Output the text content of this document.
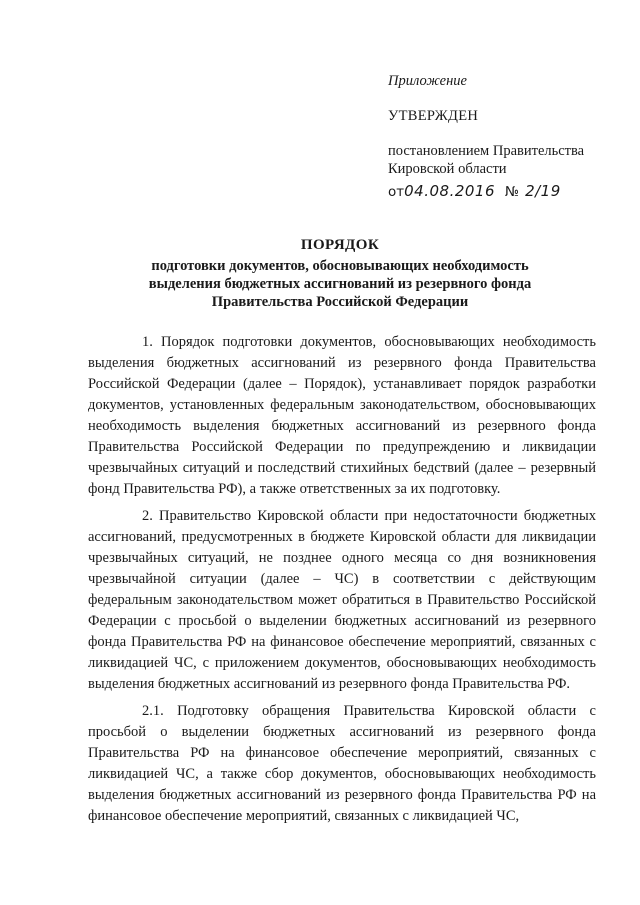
Приложение
УТВЕРЖДЕН
постановлением Правительства
Кировской области
от04.08.2016 № 2/19
ПОРЯДОК
подготовки документов, обосновывающих необходимость
выделения бюджетных ассигнований из резервного фонда
Правительства Российской Федерации

1. Порядок подготовки документов, обосновывающих необходимость выделения бюджетных ассигнований из резервного фонда Правительства Российской Федерации (далее – Порядок), устанавливает порядок разработки документов, установленных федеральным законодательством, обосновывающих необходимость выделения бюджетных ассигнований из резервного фонда Правительства Российской Федерации по предупреждению и ликвидации чрезвычайных ситуаций и последствий стихийных бедствий (далее – резервный фонд Правительства РФ), а также ответственных за их подготовку.

2. Правительство Кировской области при недостаточности бюджетных ассигнований, предусмотренных в бюджете Кировской области для ликвидации чрезвычайных ситуаций, не позднее одного месяца со дня возникновения чрезвычайной ситуации (далее – ЧС) в соответствии с действующим федеральным законодательством может обратиться в Правительство Российской Федерации с просьбой о выделении бюджетных ассигнований из резервного фонда Правительства РФ на финансовое обеспечение мероприятий, связанных с ликвидацией ЧС, с приложением документов, обосновывающих необходимость выделения бюджетных ассигнований из резервного фонда Правительства РФ.

2.1. Подготовку обращения Правительства Кировской области с просьбой о выделении бюджетных ассигнований из резервного фонда Правительства РФ на финансовое обеспечение мероприятий, связанных с ликвидацией ЧС, а также сбор документов, обосновывающих необходимость выделения бюджетных ассигнований из резервного фонда Правительства РФ на финансовое обеспечение мероприятий, связанных с ликвидацией ЧС,
